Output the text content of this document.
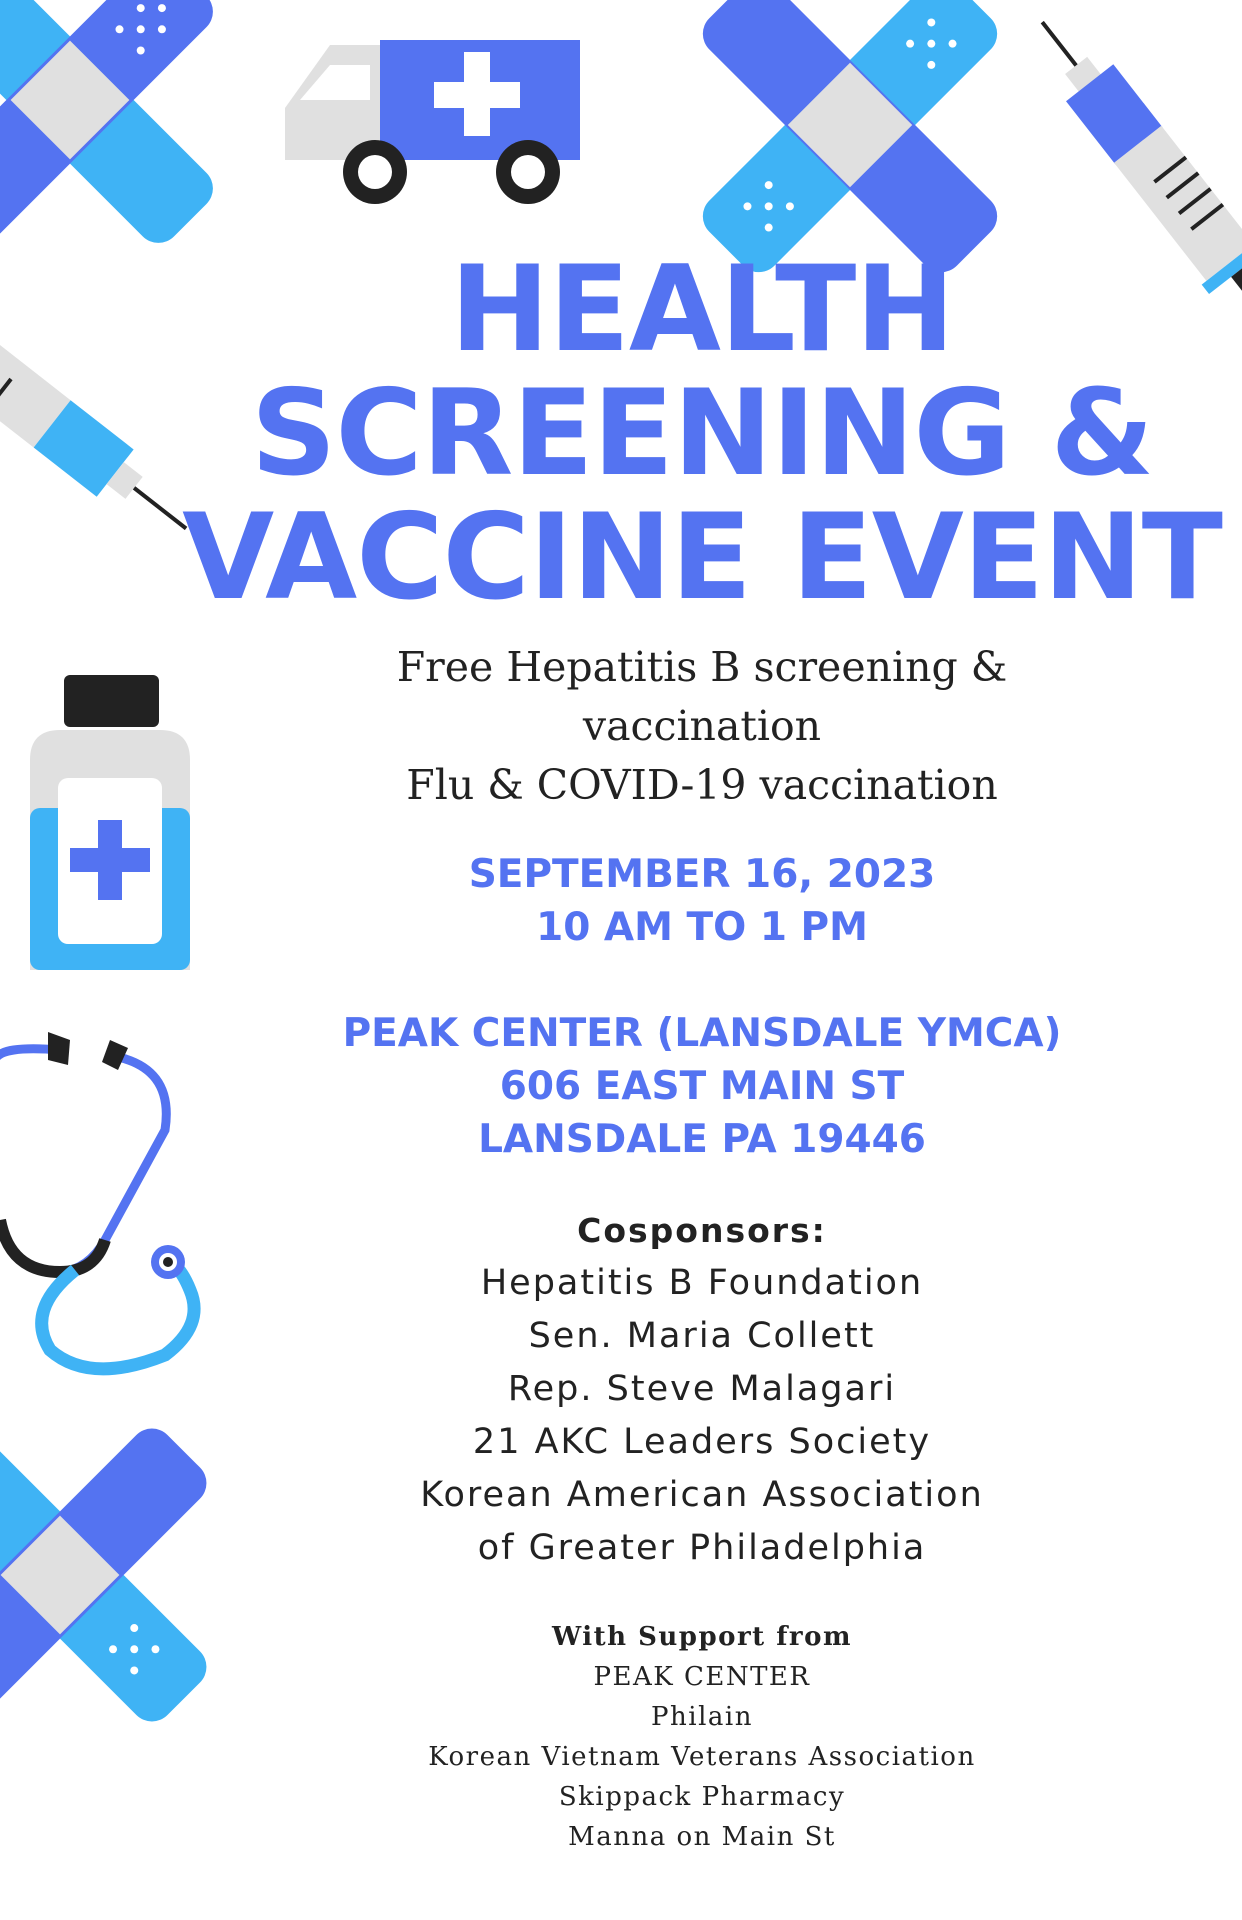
HEALTH
SCREENING &
VACCINE EVENT
Free Hepatitis B screening &
vaccination
Flu & COVID-19 vaccination
SEPTEMBER 16, 2023
10 AM TO 1 PM
PEAK CENTER (LANSDALE YMCA)
606 EAST MAIN ST
LANSDALE PA 19446
Cosponsors:
Hepatitis B Foundation
Sen. Maria Collett
Rep. Steve Malagari
21 AKC Leaders Society
Korean American Association
of Greater Philadelphia
With Support from
PEAK CENTER
Philain
Korean Vietnam Veterans Association
Skippack Pharmacy
Manna on Main St
